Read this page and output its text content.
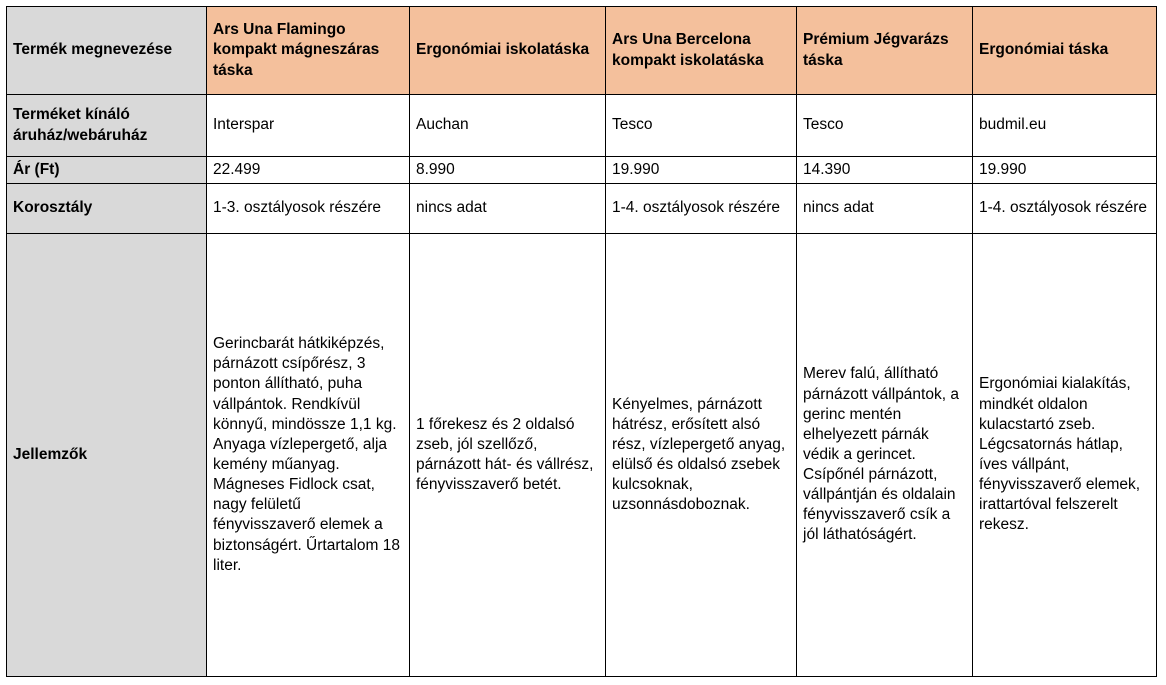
Termék megnevezése	Ars Una Flamingo kompakt mágneszáras táska	Ergonómiai iskolatáska	Ars Una Bercelona kompakt iskolatáska	Prémium Jégvarázs táska	Ergonómiai táska
Terméket kínáló áruház/webáruház	Interspar	Auchan	Tesco	Tesco	budmil.eu
Ár (Ft)	22.499	8.990	19.990	14.390	19.990
Korosztály	1-3. osztályosok részére	nincs adat	1-4. osztályosok részére	nincs adat	1-4. osztályosok részére
Jellemzők	Gerincbarát hátkiképzés, párnázott csípőrész, 3 ponton állítható, puha vállpántok. Rendkívül könnyű, mindössze 1,1 kg. Anyaga vízlepergető, alja kemény műanyag. Mágneses Fidlock csat, nagy felületű fényvisszaverő elemek a biztonságért. Űrtartalom 18 liter.	1 főrekesz és 2 oldalsó zseb, jól szellőző, párnázott hát- és vállrész, fényvisszaverő betét.	Kényelmes, párnázott hátrész, erősített alsó rész, vízlepergető anyag, elülső és oldalsó zsebek kulcsoknak, uzsonnásdoboznak.	Merev falú, állítható párnázott vállpántok, a gerinc mentén elhelyezett párnák védik a gerincet. Csípőnél párnázott, vállpántján és oldalain fényvisszaverő csík a jól láthatóságért.	Ergonómiai kialakítás, mindkét oldalon kulacstartó zseb. Légcsatornás hátlap, íves vállpánt, fényvisszaverő elemek, irattartóval felszerelt rekesz.
